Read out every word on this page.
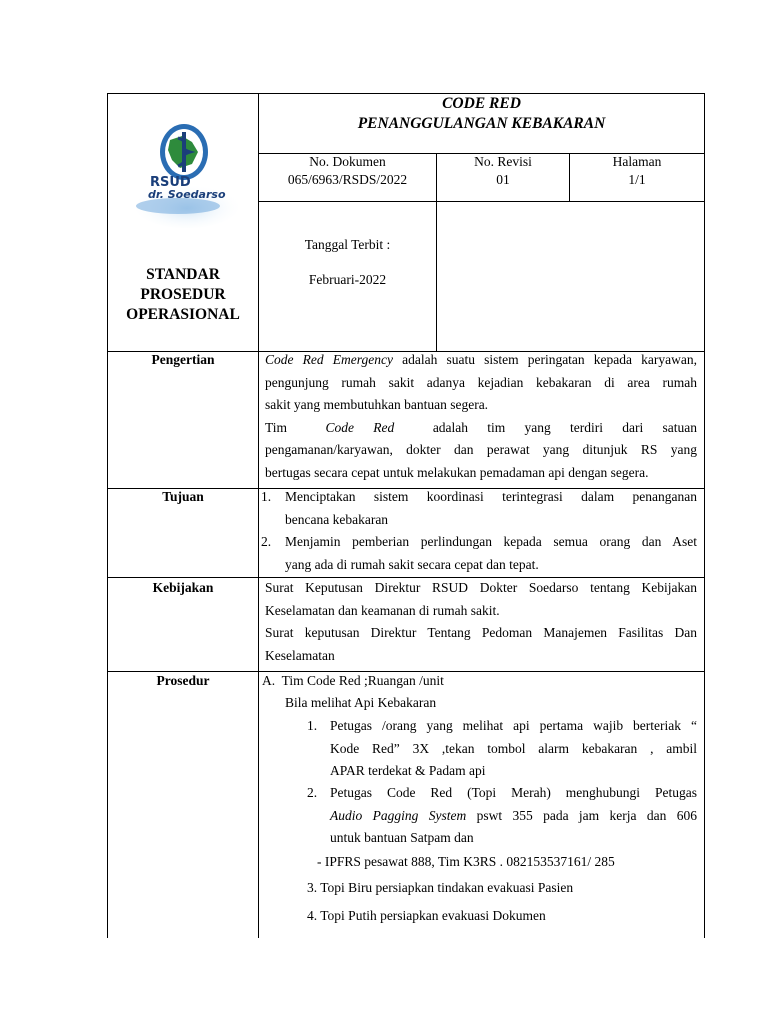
RSUD
dr. Soedarso
STANDAR
PROSEDUR
OPERASIONAL
CODE RED
PENANGGULANGAN KEBAKARAN
No. Dokumen
065/6963/RSDS/2022
No. Revisi
01
Halaman
1/1
Tanggal Terbit :
Februari-2022
Pengertian	Code Red Emergency adalah suatu sistem peringatan kepada karyawan,
pengunjung rumah sakit adanya kejadian kebakaran di area rumah
sakit yang membutuhkan bantuan segera.
Tim	Code Red	adalah tim yang terdiri dari satuan
pengamanan/karyawan, dokter dan perawat yang ditunjuk RS yang
bertugas secara cepat untuk melakukan pemadaman api dengan segera.
Tujuan	1. Menciptakan sistem koordinasi terintegrasi dalam penanganan
bencana kebakaran
2. Menjamin pemberian perlindungan kepada semua orang dan Aset
yang ada di rumah sakit secara cepat dan tepat.
Kebijakan	Surat Keputusan Direktur RSUD Dokter Soedarso tentang Kebijakan
Keselamatan dan keamanan di rumah sakit.
Surat keputusan Direktur Tentang Pedoman Manajemen Fasilitas Dan
Keselamatan
Prosedur	A. Tim Code Red ;Ruangan /unit
Bila melihat Api Kebakaran
1. Petugas /orang yang melihat api pertama wajib berteriak “
Kode Red” 3X ,tekan tombol alarm kebakaran , ambil
APAR terdekat & Padam api
2. Petugas Code Red (Topi Merah) menghubungi Petugas
Audio Pagging System pswt 355 pada jam kerja dan 606
untuk bantuan Satpam dan
- IPFRS pesawat 888, Tim K3RS . 082153537161/ 285
3. Topi Biru persiapkan tindakan evakuasi Pasien
4. Topi Putih persiapkan evakuasi Dokumen
